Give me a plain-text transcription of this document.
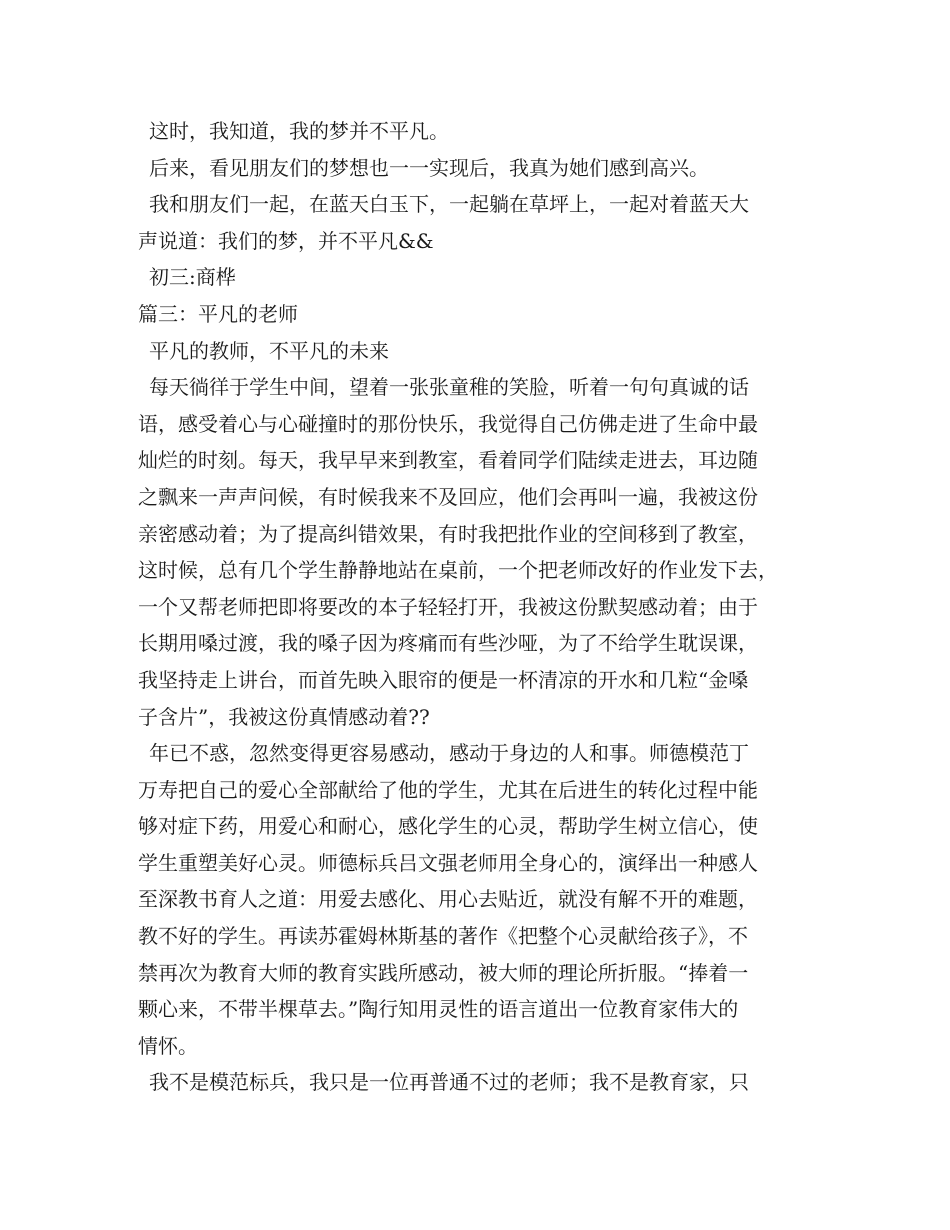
这时，我知道，我的梦并不平凡。
后来，看见朋友们的梦想也一一实现后，我真为她们感到高兴。
我和朋友们一起，在蓝天白玉下，一起躺在草坪上，一起对着蓝天大
声说道：我们的梦，并不平凡&&
初三:商桦
篇三：平凡的老师
平凡的教师，不平凡的未来
每天徜徉于学生中间，望着一张张童稚的笑脸，听着一句句真诚的话
语，感受着心与心碰撞时的那份快乐，我觉得自己仿佛走进了生命中最
灿烂的时刻。每天，我早早来到教室，看着同学们陆续走进去，耳边随
之飘来一声声问候，有时候我来不及回应，他们会再叫一遍，我被这份
亲密感动着；为了提高纠错效果，有时我把批作业的空间移到了教室，
这时候，总有几个学生静静地站在桌前，一个把老师改好的作业发下去，
一个又帮老师把即将要改的本子轻轻打开，我被这份默契感动着；由于
长期用嗓过渡，我的嗓子因为疼痛而有些沙哑，为了不给学生耽误课，
我坚持走上讲台，而首先映入眼帘的便是一杯清凉的开水和几粒“金嗓
子含片”，我被这份真情感动着??
年已不惑，忽然变得更容易感动，感动于身边的人和事。师德模范丁
万寿把自己的爱心全部献给了他的学生，尤其在后进生的转化过程中能
够对症下药，用爱心和耐心，感化学生的心灵，帮助学生树立信心，使
学生重塑美好心灵。师德标兵吕文强老师用全身心的，演绎出一种感人
至深教书育人之道：用爱去感化、用心去贴近，就没有解不开的难题，
教不好的学生。再读苏霍姆林斯基的著作《把整个心灵献给孩子》，不
禁再次为教育大师的教育实践所感动，被大师的理论所折服。“捧着一
颗心来，不带半棵草去。”陶行知用灵性的语言道出一位教育家伟大的
情怀。
我不是模范标兵，我只是一位再普通不过的老师；我不是教育家，只
